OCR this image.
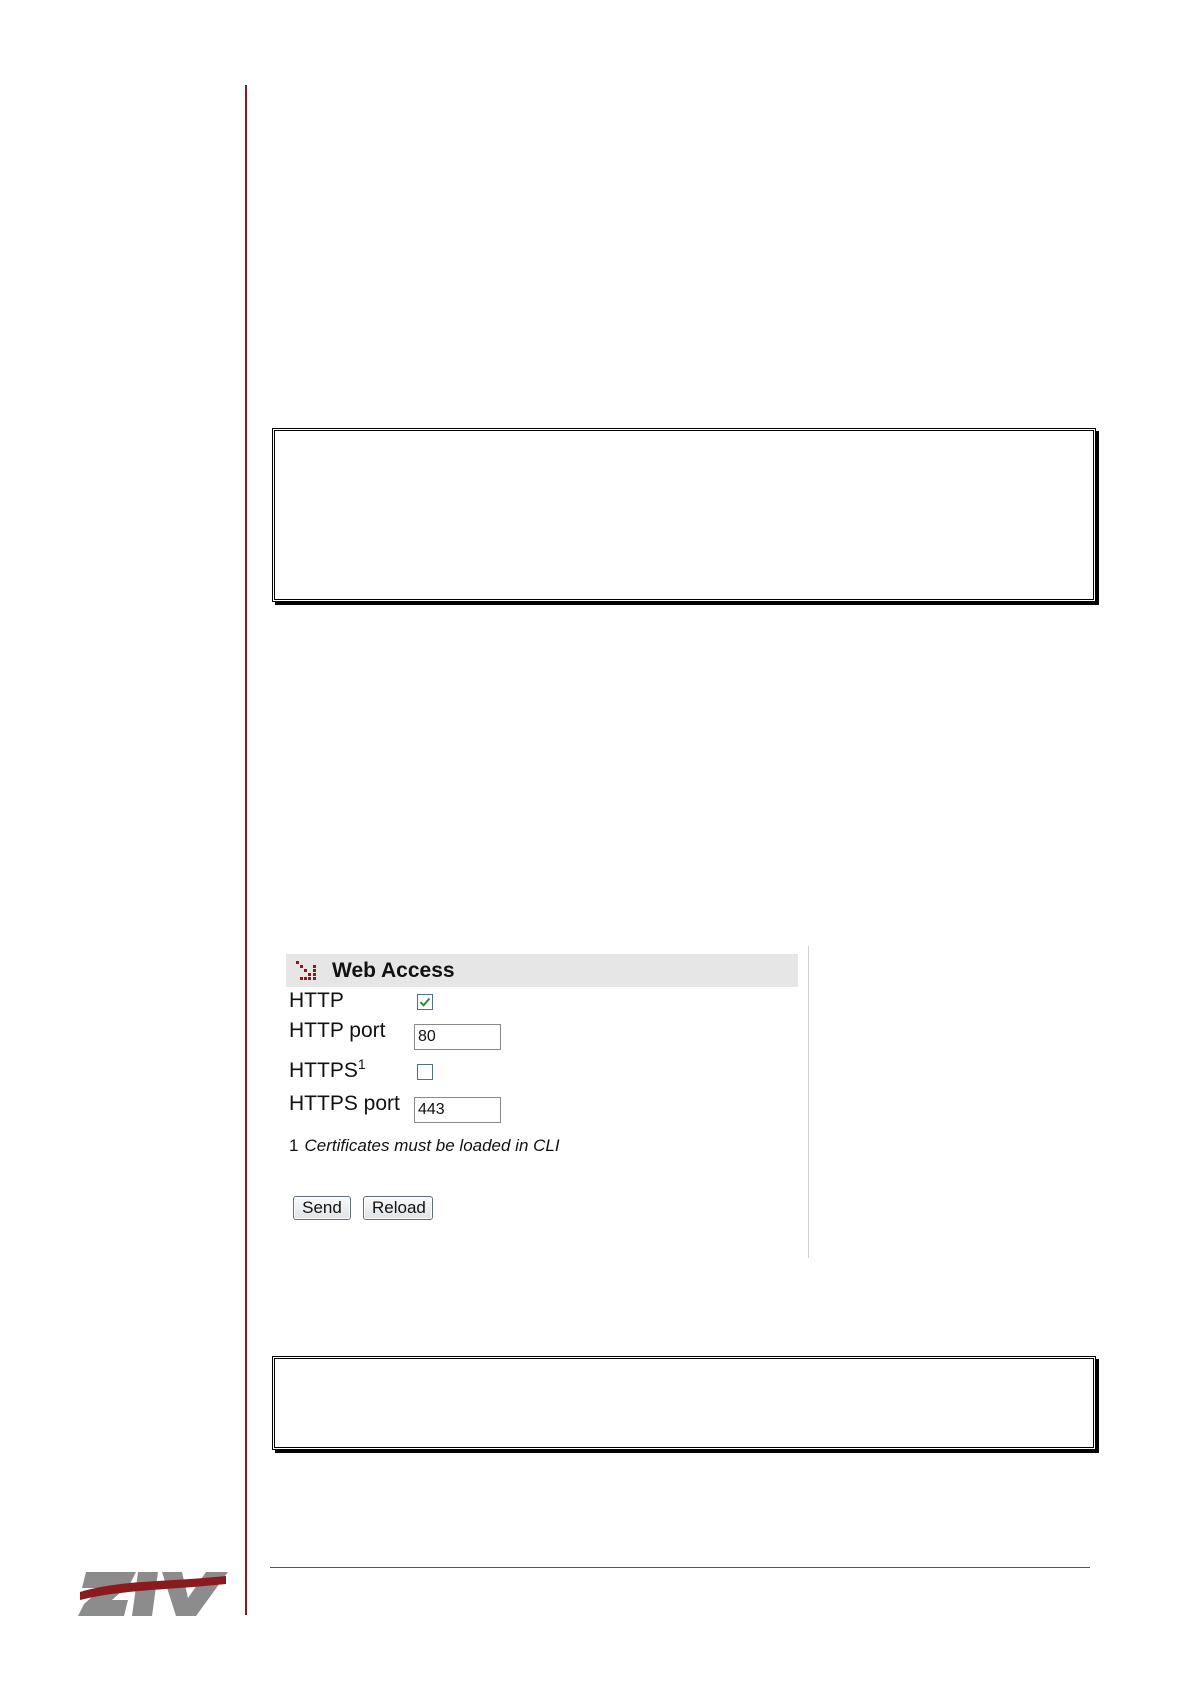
Web Access
HTTP
HTTP port
80
HTTPS$^1$
HTTPS port
443
1 Certificates must be loaded in CLI
Send	Reload
